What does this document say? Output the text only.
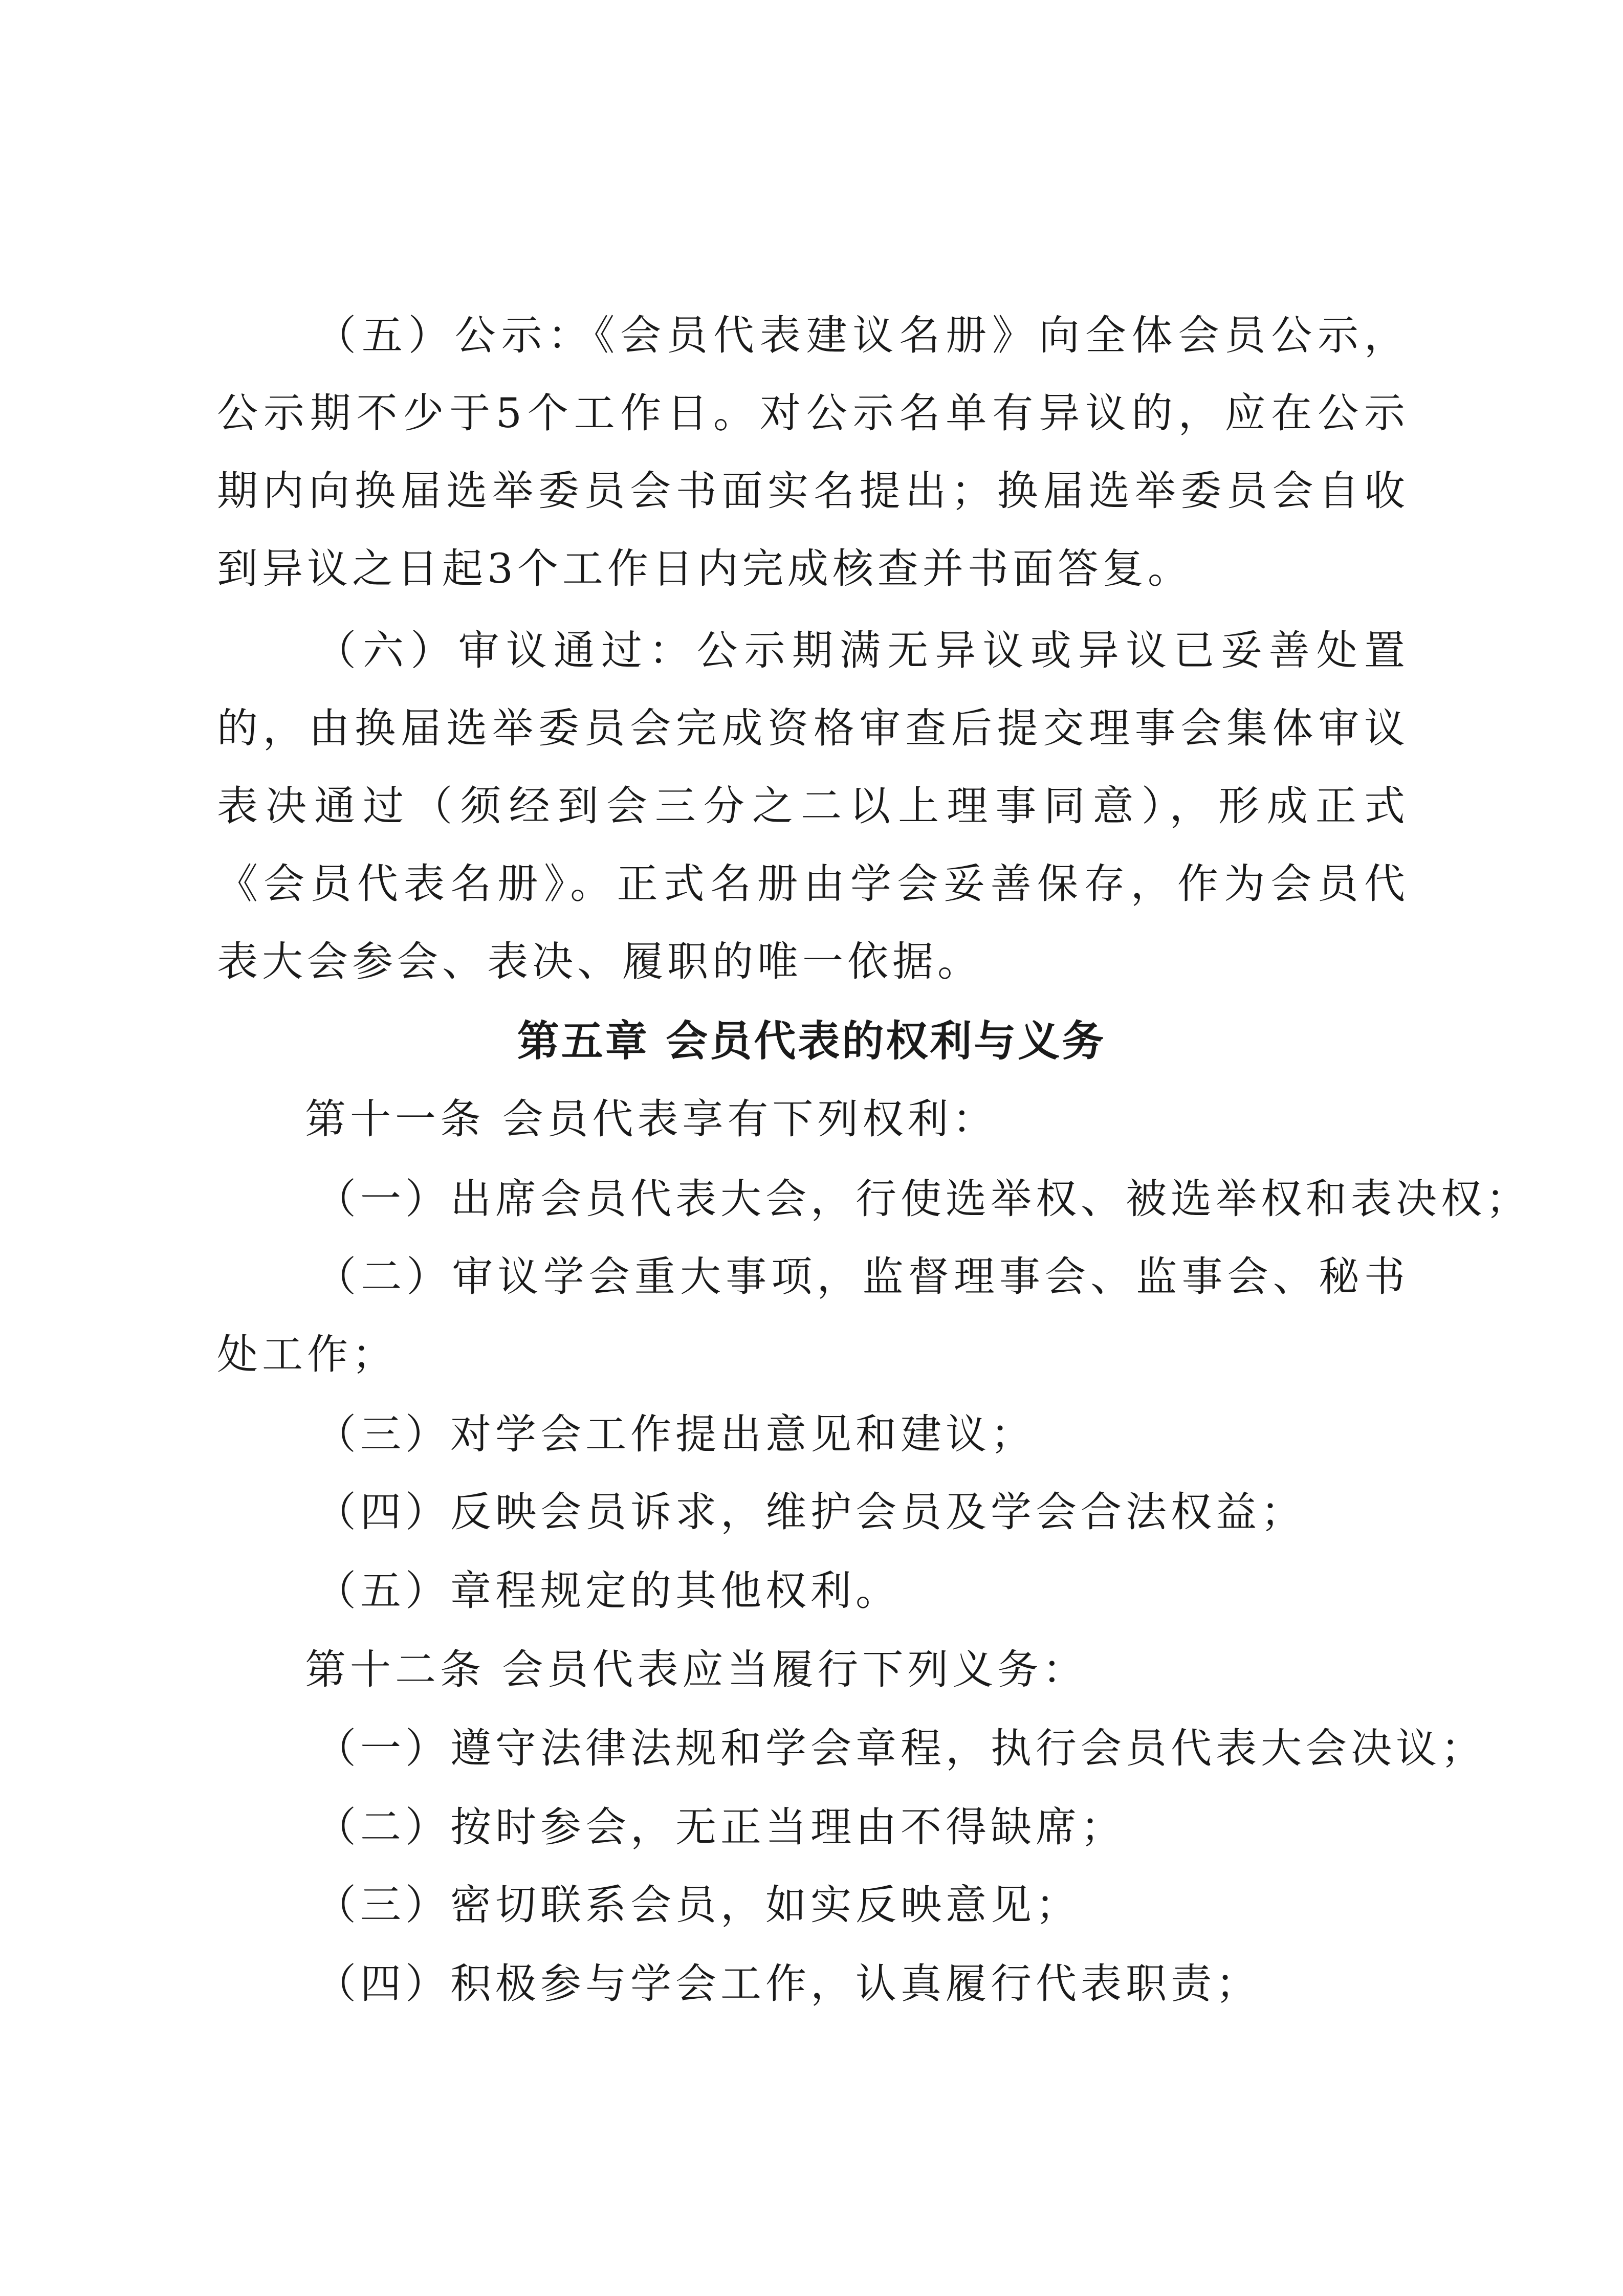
（五）公示：《会员代表建议名册》向全体会员公示，公示期不少于5个工作日。对公示名单有异议的，应在公示期内向换届选举委员会书面实名提出；换届选举委员会自收到异议之日起3个工作日内完成核查并书面答复。

（六）审议通过：公示期满无异议或异议已妥善处置的，由换届选举委员会完成资格审查后提交理事会集体审议表决通过（须经到会三分之二以上理事同意），形成正式《会员代表名册》。正式名册由学会妥善保存，作为会员代表大会参会、表决、履职的唯一依据。

第五章 会员代表的权利与义务

第十一条 会员代表享有下列权利：

（一）出席会员代表大会，行使选举权、被选举权和表决权；

（二）审议学会重大事项，监督理事会、监事会、秘书处工作；

（三）对学会工作提出意见和建议；

（四）反映会员诉求，维护会员及学会合法权益；

（五）章程规定的其他权利。

第十二条 会员代表应当履行下列义务：

（一）遵守法律法规和学会章程，执行会员代表大会决议；

（二）按时参会，无正当理由不得缺席；

（三）密切联系会员，如实反映意见；

（四）积极参与学会工作，认真履行代表职责；
